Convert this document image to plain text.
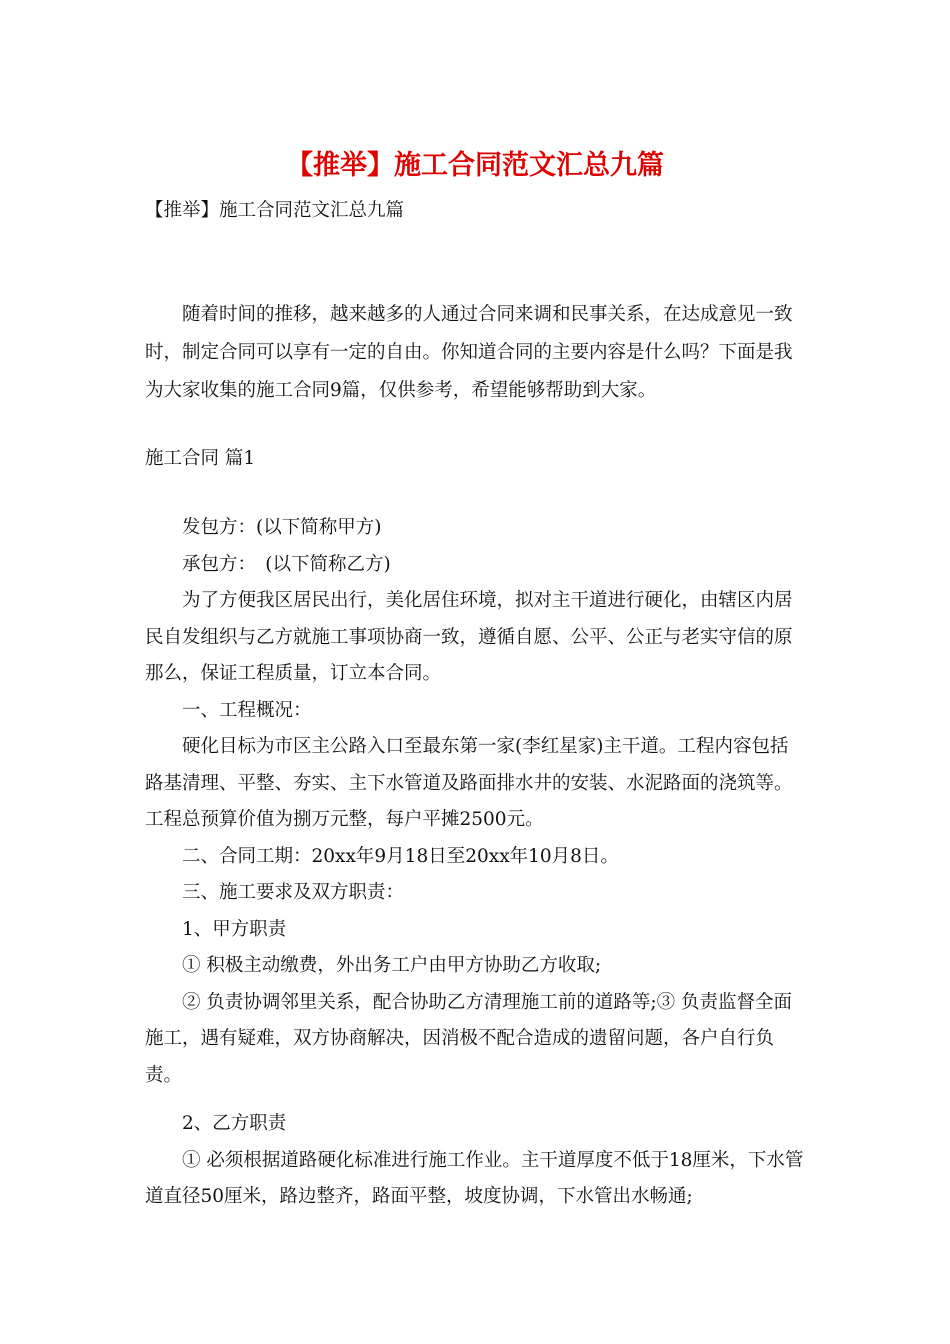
【推举】施工合同范文汇总九篇

【推举】施工合同范文汇总九篇

随着时间的推移，越来越多的人通过合同来调和民事关系，在达成意见一致时，制定合同可以享有一定的自由。你知道合同的主要内容是什么吗？下面是我为大家收集的施工合同9篇，仅供参考，希望能够帮助到大家。

施工合同 篇1

发包方：(以下简称甲方)

承包方：　(以下简称乙方)

为了方便我区居民出行，美化居住环境，拟对主干道进行硬化，由辖区内居民自发组织与乙方就施工事项协商一致，遵循自愿、公平、公正与老实守信的原那么，保证工程质量，订立本合同。

一、工程概况：

硬化目标为市区主公路入口至最东第一家(李红星家)主干道。工程内容包括路基清理、平整、夯实、主下水管道及路面排水井的安装、水泥路面的浇筑等。工程总预算价值为捌万元整，每户平摊2500元。

二、合同工期：20xx年9月18日至20xx年10月8日。

三、施工要求及双方职责：

1、甲方职责

① 积极主动缴费，外出务工户由甲方协助乙方收取;

② 负责协调邻里关系，配合协助乙方清理施工前的道路等;③ 负责监督全面施工，遇有疑难，双方协商解决，因消极不配合造成的遗留问题，各户自行负责。

2、乙方职责

① 必须根据道路硬化标准进行施工作业。主干道厚度不低于18厘米，下水管道直径50厘米，路边整齐，路面平整，坡度协调，下水管出水畅通;
